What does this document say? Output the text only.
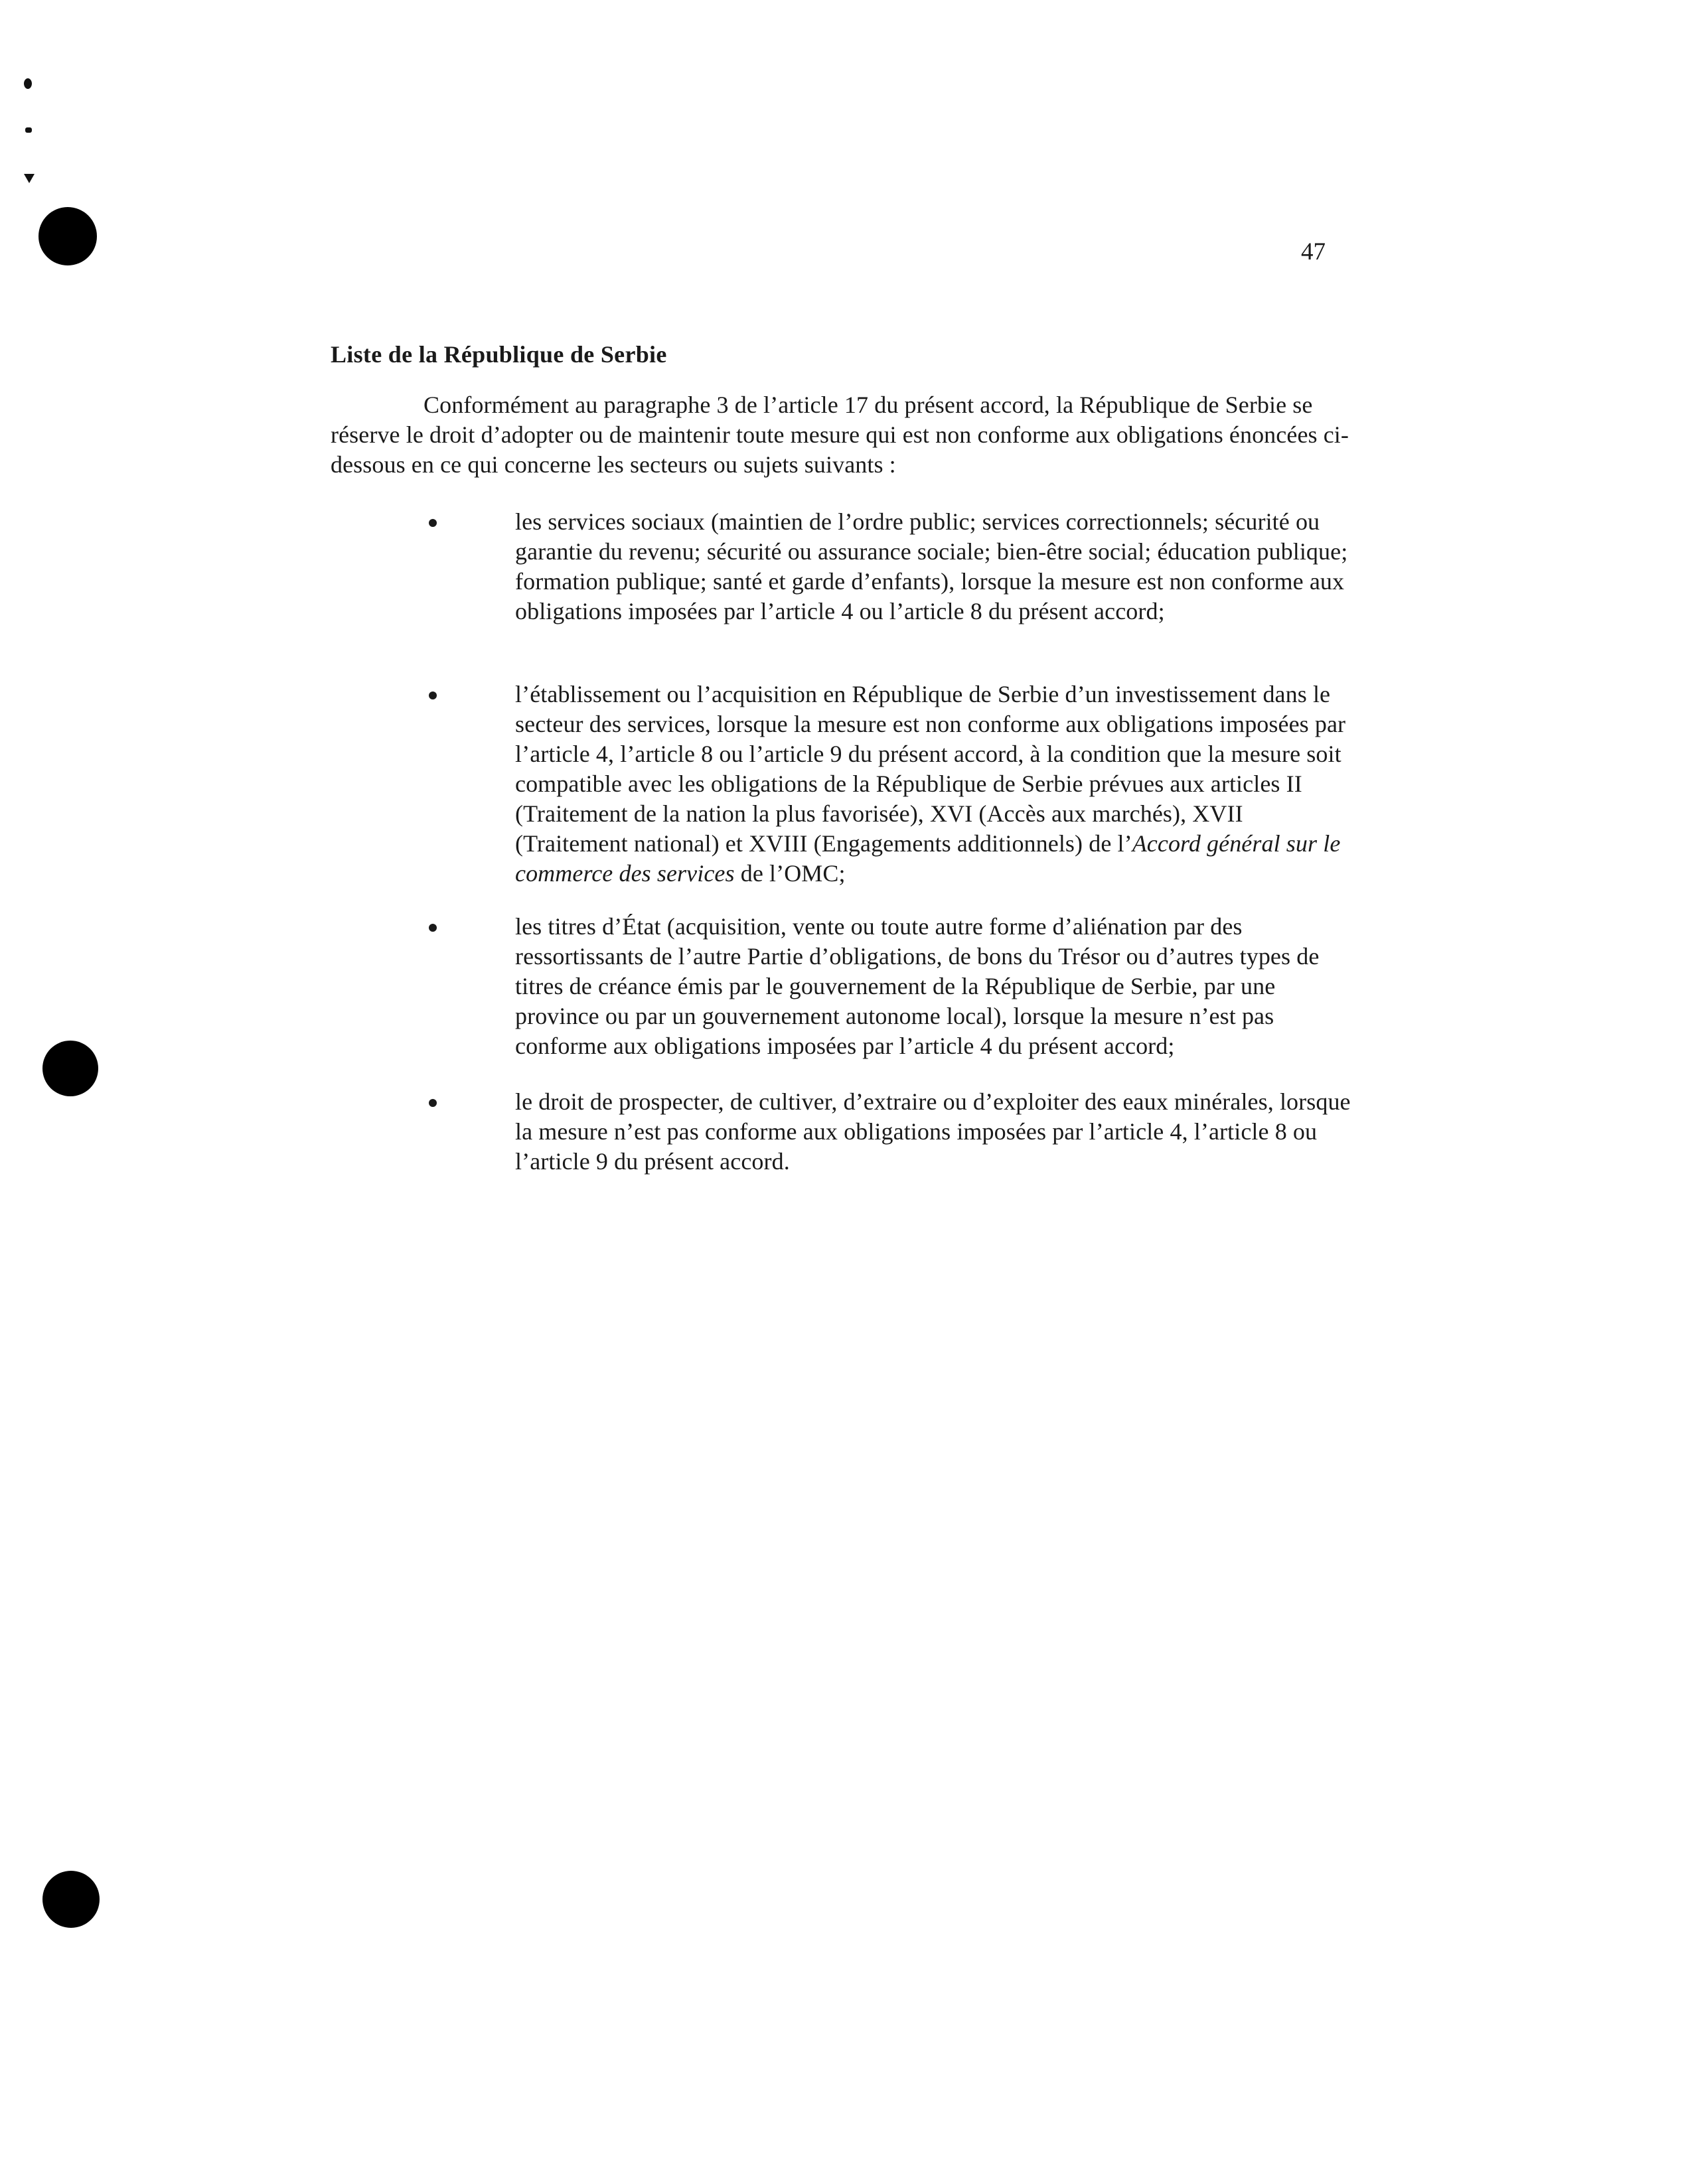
47
Liste de la République de Serbie

Conformément au paragraphe 3 de l’article 17 du présent accord, la République de Serbie se réserve le droit d’adopter ou de maintenir toute mesure qui est non conforme aux obligations énoncées ci-dessous en ce qui concerne les secteurs ou sujets suivants :

les services sociaux (maintien de l’ordre public; services correctionnels; sécurité ou garantie du revenu; sécurité ou assurance sociale; bien-être social; éducation publique; formation publique; santé et garde d’enfants), lorsque la mesure est non conforme aux obligations imposées par l’article 4 ou l’article 8 du présent accord;
l’établissement ou l’acquisition en République de Serbie d’un investissement dans le secteur des services, lorsque la mesure est non conforme aux obligations imposées par l’article 4, l’article 8 ou l’article 9 du présent accord, à la condition que la mesure soit compatible avec les obligations de la République de Serbie prévues aux articles II (Traitement de la nation la plus favorisée), XVI (Accès aux marchés), XVII (Traitement national) et XVIII (Engagements additionnels) de l’Accord général sur le commerce des services de l’OMC;
les titres d’État (acquisition, vente ou toute autre forme d’aliénation par des ressortissants de l’autre Partie d’obligations, de bons du Trésor ou d’autres types de titres de créance émis par le gouvernement de la République de Serbie, par une province ou par un gouvernement autonome local), lorsque la mesure n’est pas conforme aux obligations imposées par l’article 4 du présent accord;
le droit de prospecter, de cultiver, d’extraire ou d’exploiter des eaux minérales, lorsque la mesure n’est pas conforme aux obligations imposées par l’article 4, l’article 8 ou l’article 9 du présent accord.
